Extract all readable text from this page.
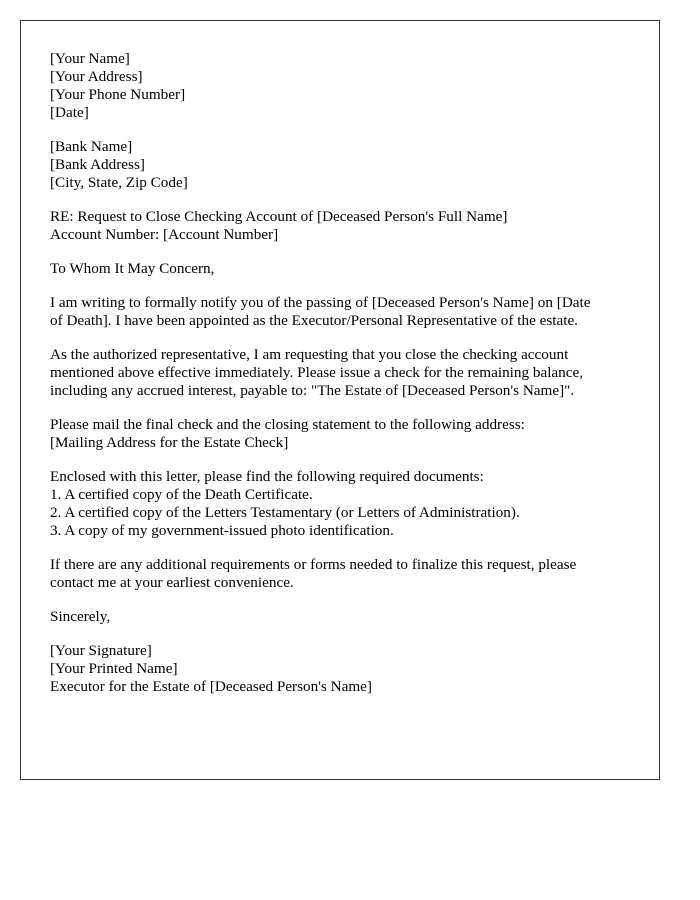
[Your Name]
[Your Address]
[Your Phone Number]
[Date]
[Bank Name]
[Bank Address]
[City, State, Zip Code]
RE: Request to Close Checking Account of [Deceased Person's Full Name]
Account Number: [Account Number]
To Whom It May Concern,
I am writing to formally notify you of the passing of [Deceased Person's Name] on [Date
of Death]. I have been appointed as the Executor/Personal Representative of the estate.
As the authorized representative, I am requesting that you close the checking account
mentioned above effective immediately. Please issue a check for the remaining balance,
including any accrued interest, payable to: "The Estate of [Deceased Person's Name]".
Please mail the final check and the closing statement to the following address:
[Mailing Address for the Estate Check]
Enclosed with this letter, please find the following required documents:
1. A certified copy of the Death Certificate.
2. A certified copy of the Letters Testamentary (or Letters of Administration).
3. A copy of my government-issued photo identification.
If there are any additional requirements or forms needed to finalize this request, please
contact me at your earliest convenience.
Sincerely,
[Your Signature]
[Your Printed Name]
Executor for the Estate of [Deceased Person's Name]
